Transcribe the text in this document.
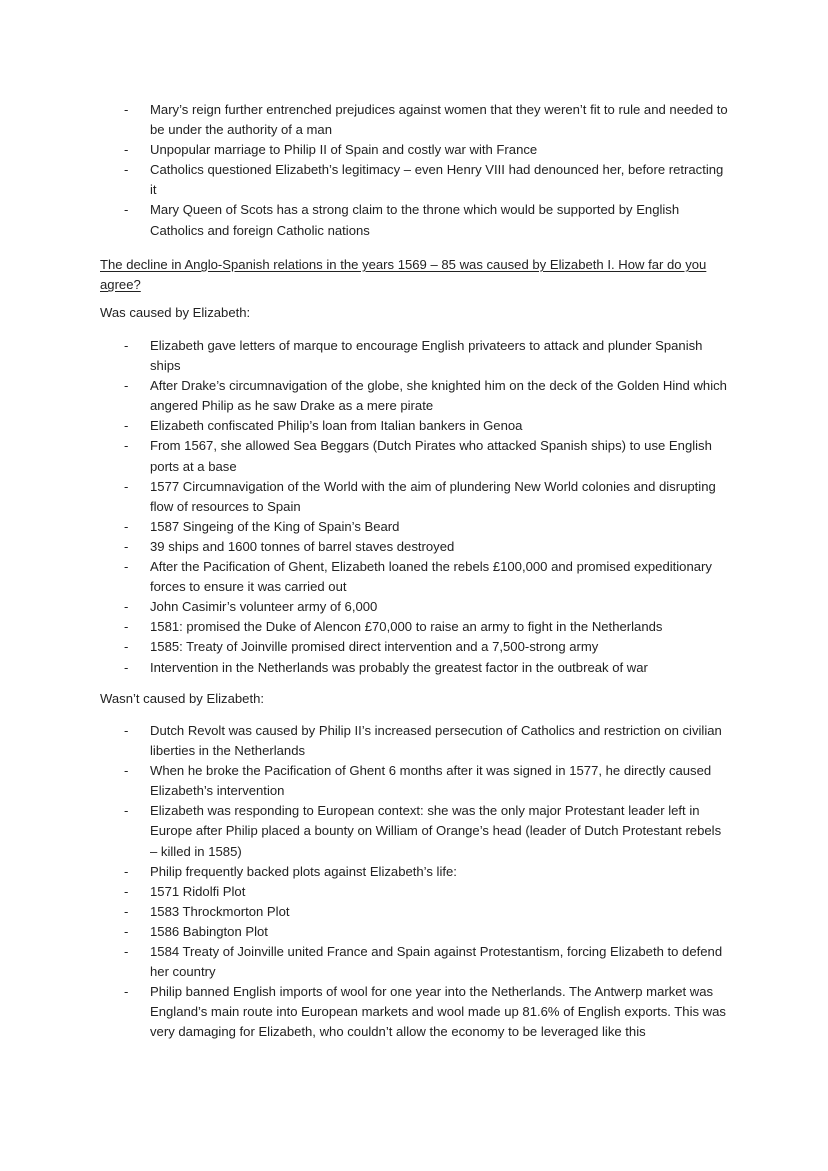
- Mary’s reign further entrenched prejudices against women that they weren’t fit to rule and needed to be under the authority of a man
- Unpopular marriage to Philip II of Spain and costly war with France
- Catholics questioned Elizabeth’s legitimacy – even Henry VIII had denounced her, before retracting it
- Mary Queen of Scots has a strong claim to the throne which would be supported by English Catholics and foreign Catholic nations

The decline in Anglo-Spanish relations in the years 1569 – 85 was caused by Elizabeth I. How far do you agree?

Was caused by Elizabeth:

- Elizabeth gave letters of marque to encourage English privateers to attack and plunder Spanish ships
- After Drake’s circumnavigation of the globe, she knighted him on the deck of the Golden Hind which angered Philip as he saw Drake as a mere pirate
- Elizabeth confiscated Philip’s loan from Italian bankers in Genoa
- From 1567, she allowed Sea Beggars (Dutch Pirates who attacked Spanish ships) to use English ports at a base
- 1577 Circumnavigation of the World with the aim of plundering New World colonies and disrupting flow of resources to Spain
- 1587 Singeing of the King of Spain’s Beard
- 39 ships and 1600 tonnes of barrel staves destroyed
- After the Pacification of Ghent, Elizabeth loaned the rebels £100,000 and promised expeditionary forces to ensure it was carried out
- John Casimir’s volunteer army of 6,000
- 1581: promised the Duke of Alencon £70,000 to raise an army to fight in the Netherlands
- 1585: Treaty of Joinville promised direct intervention and a 7,500-strong army
- Intervention in the Netherlands was probably the greatest factor in the outbreak of war

Wasn’t caused by Elizabeth:

- Dutch Revolt was caused by Philip II’s increased persecution of Catholics and restriction on civilian liberties in the Netherlands
- When he broke the Pacification of Ghent 6 months after it was signed in 1577, he directly caused Elizabeth’s intervention
- Elizabeth was responding to European context: she was the only major Protestant leader left in Europe after Philip placed a bounty on William of Orange’s head (leader of Dutch Protestant rebels – killed in 1585)
- Philip frequently backed plots against Elizabeth’s life:
- 1571 Ridolfi Plot
- 1583 Throckmorton Plot
- 1586 Babington Plot
- 1584 Treaty of Joinville united France and Spain against Protestantism, forcing Elizabeth to defend her country
- Philip banned English imports of wool for one year into the Netherlands. The Antwerp market was England’s main route into European markets and wool made up 81.6% of English exports. This was very damaging for Elizabeth, who couldn’t allow the economy to be leveraged like this
